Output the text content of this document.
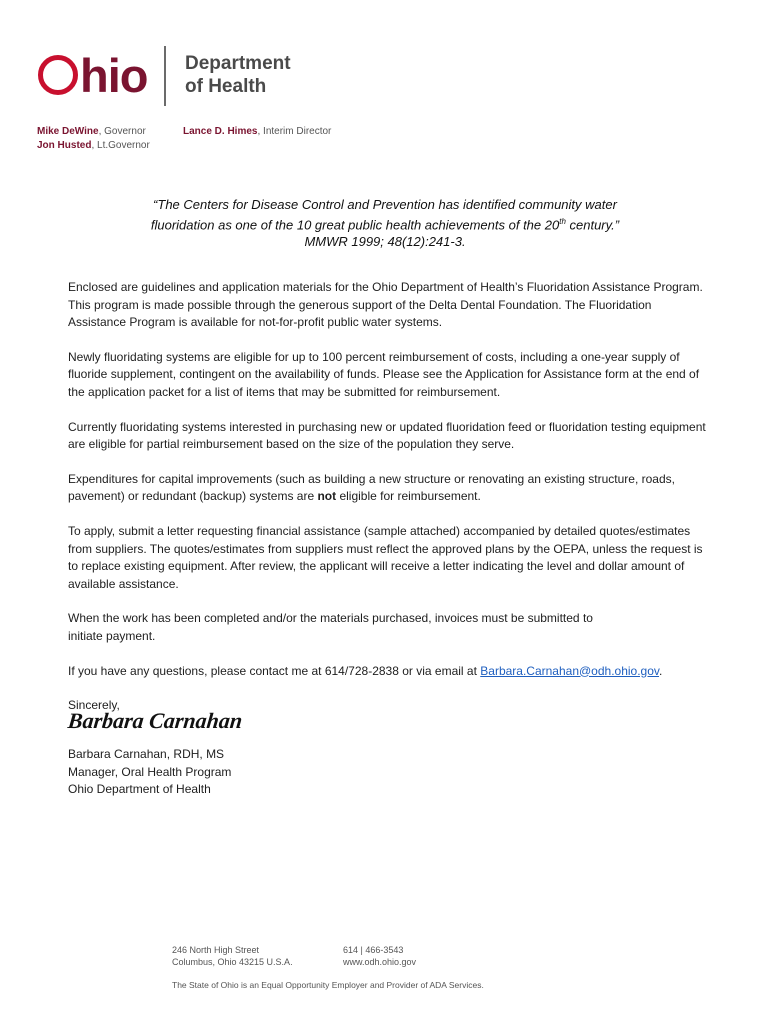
hio Department
of Health
Mike DeWine, Governor
Jon Husted, Lt.Governor
Lance D. Himes, Interim Director
“The Centers for Disease Control and Prevention has identified community water
fluoridation as one of the 10 great public health achievements of the 20th century.”
MMWR 1999; 48(12):241-3.

Enclosed are guidelines and application materials for the Ohio Department of Health’s Fluoridation Assistance Program. This program is made possible through the generous support of the Delta Dental Foundation. The Fluoridation Assistance Program is available for not-for-profit public water systems.

Newly fluoridating systems are eligible for up to 100 percent reimbursement of costs, including a one-year supply of fluoride supplement, contingent on the availability of funds. Please see the Application for Assistance form at the end of the application packet for a list of items that may be submitted for reimbursement.

Currently fluoridating systems interested in purchasing new or updated fluoridation feed or fluoridation testing equipment are eligible for partial reimbursement based on the size of the population they serve.

Expenditures for capital improvements (such as building a new structure or renovating an existing structure, roads, pavement) or redundant (backup) systems are not eligible for reimbursement.

To apply, submit a letter requesting financial assistance (sample attached) accompanied by detailed quotes/estimates from suppliers. The quotes/estimates from suppliers must reflect the approved plans by the OEPA, unless the request is to replace existing equipment. After review, the applicant will receive a letter indicating the level and dollar amount of available assistance.

When the work has been completed and/or the materials purchased, invoices must be submitted to
initiate payment.

If you have any questions, please contact me at 614/728-2838 or via email at Barbara.Carnahan@odh.ohio.gov.

Sincerely,

Barbara Carnahan
Barbara Carnahan, RDH, MS
Manager, Oral Health Program
Ohio Department of Health
246 North High Street
Columbus, Ohio 43215 U.S.A.
614 | 466-3543
www.odh.ohio.gov
The State of Ohio is an Equal Opportunity Employer and Provider of ADA Services.
